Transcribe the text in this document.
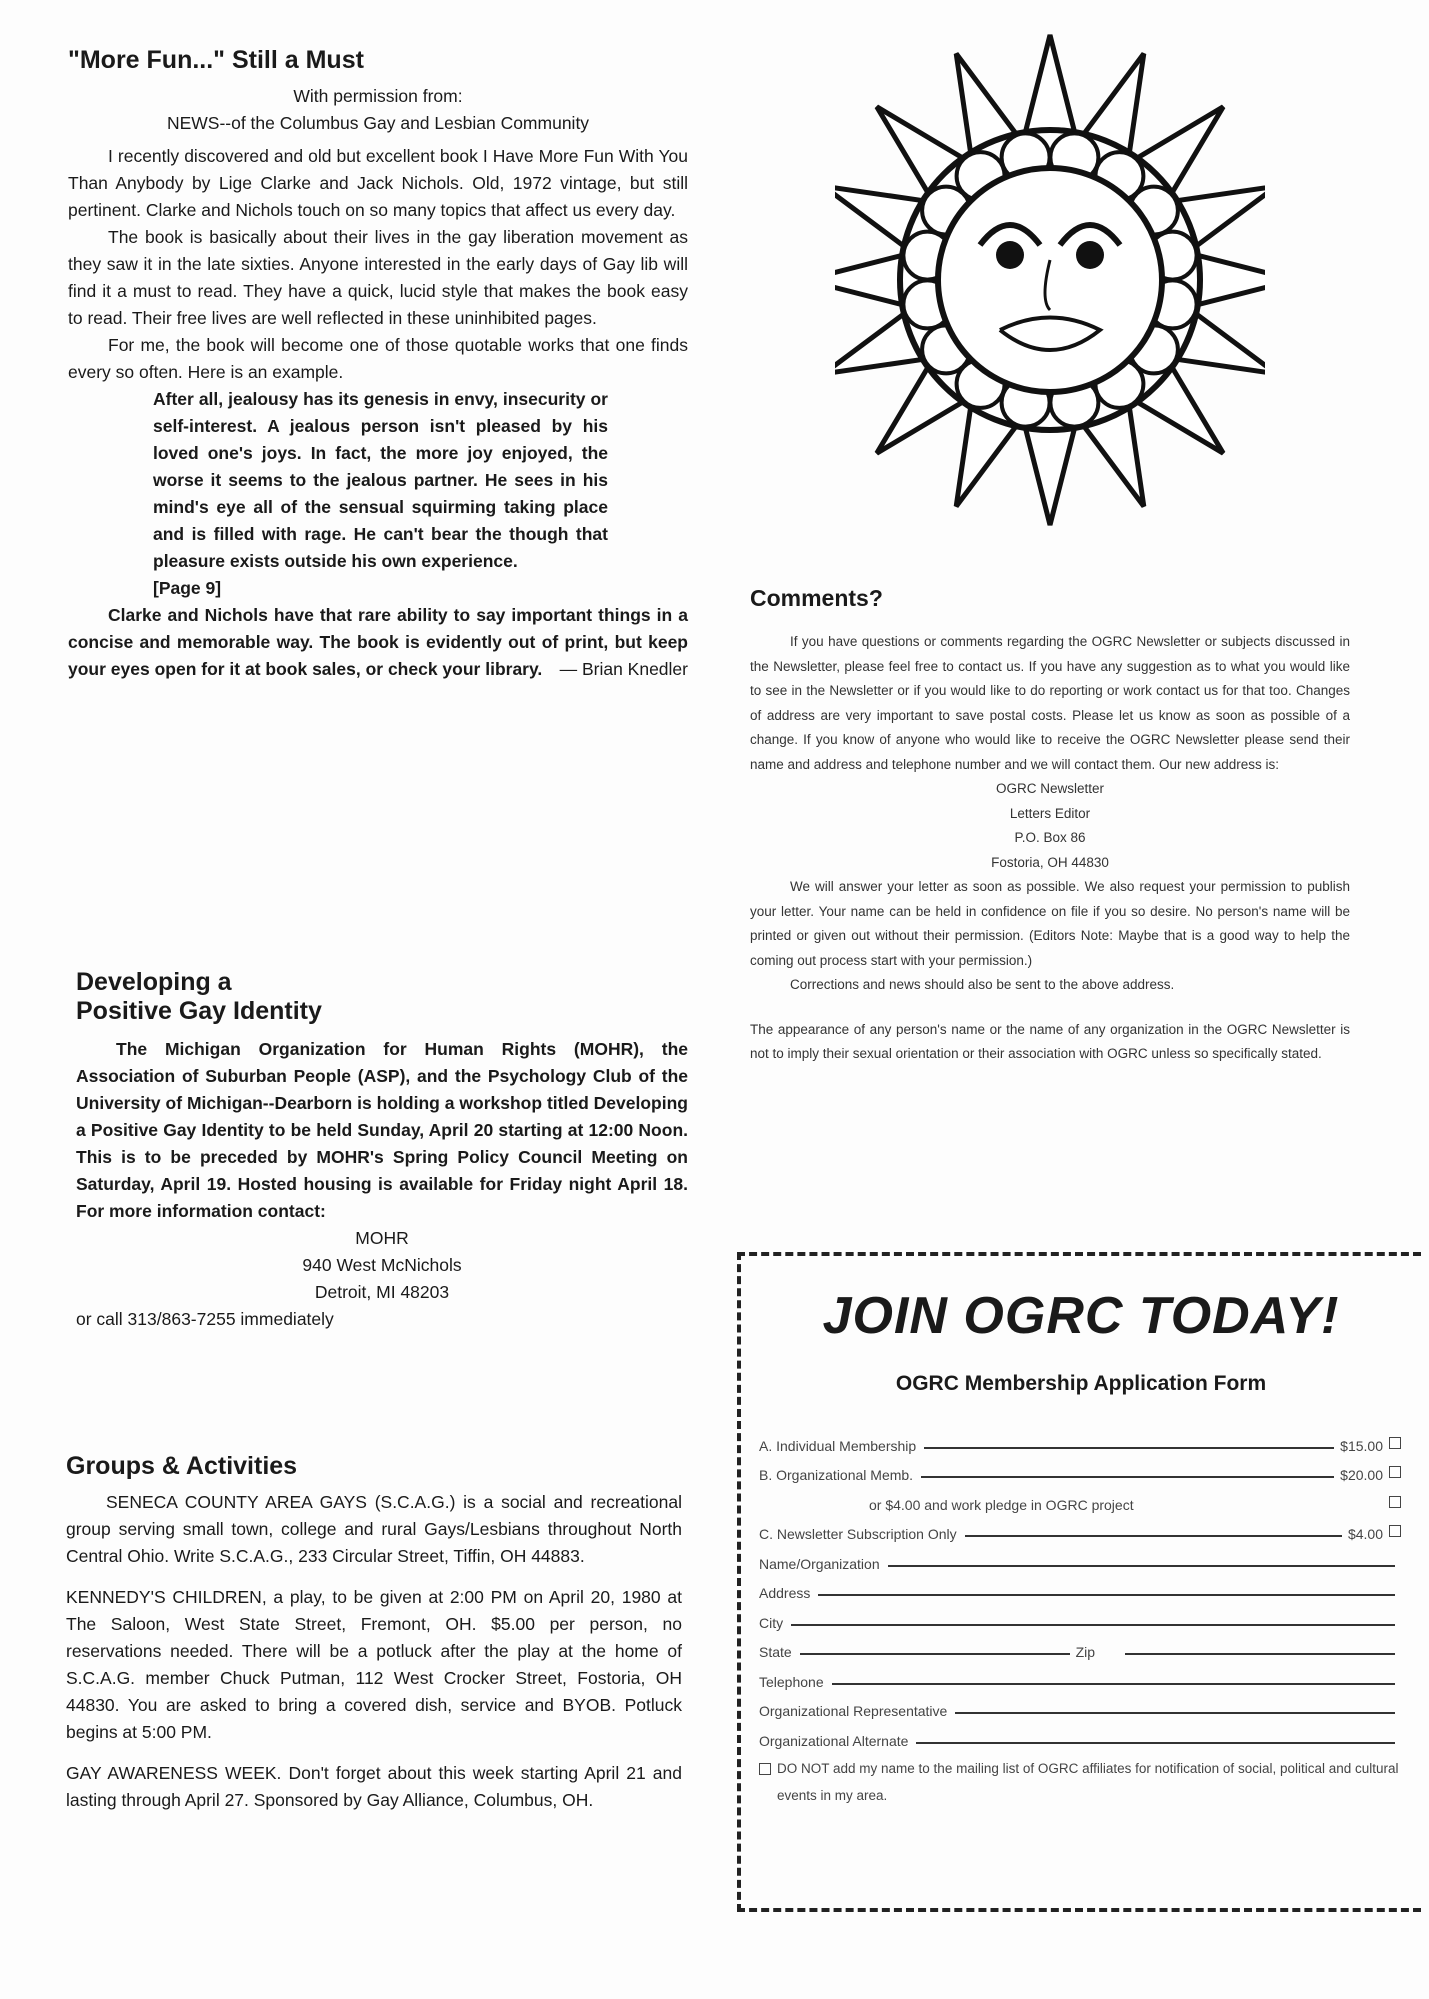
"More Fun..." Still a Must

With permission from:

NEWS--of the Columbus Gay and Lesbian Community

I recently discovered and old but excellent book I Have More Fun With You Than Anybody by Lige Clarke and Jack Nichols. Old, 1972 vintage, but still pertinent. Clarke and Nichols touch on so many topics that affect us every day.

The book is basically about their lives in the gay liberation movement as they saw it in the late sixties. Anyone interested in the early days of Gay lib will find it a must to read. They have a quick, lucid style that makes the book easy to read. Their free lives are well reflected in these uninhibited pages.

For me, the book will become one of those quotable works that one finds every so often. Here is an example.

After all, jealousy has its genesis in envy, insecurity or self-interest. A jealous person isn't pleased by his loved one's joys. In fact, the more joy enjoyed, the worse it seems to the jealous partner. He sees in his mind's eye all of the sensual squirming taking place and is filled with rage. He can't bear the though that pleasure exists outside his own experience.

[Page 9]

Clarke and Nichols have that rare ability to say important things in a concise and memorable way. The book is evidently out of print, but keep your eyes open for it at book sales, or check your library. — Brian Knedler

Developing a
Positive Gay Identity

The Michigan Organization for Human Rights (MOHR), the Association of Suburban People (ASP), and the Psychology Club of the University of Michigan--Dearborn is holding a workshop titled Developing a Positive Gay Identity to be held Sunday, April 20 starting at 12:00 Noon. This is to be preceded by MOHR's Spring Policy Council Meeting on Saturday, April 19. Hosted housing is available for Friday night April 18. For more information contact:

MOHR

940 West McNichols

Detroit, MI 48203

or call 313/863-7255 immediately

Groups & Activities

SENECA COUNTY AREA GAYS (S.C.A.G.) is a social and recreational group serving small town, college and rural Gays/Lesbians throughout North Central Ohio. Write S.C.A.G., 233 Circular Street, Tiffin, OH 44883.

KENNEDY'S CHILDREN, a play, to be given at 2:00 PM on April 20, 1980 at The Saloon, West State Street, Fremont, OH. $5.00 per person, no reservations needed. There will be a potluck after the play at the home of S.C.A.G. member Chuck Putman, 112 West Crocker Street, Fostoria, OH 44830. You are asked to bring a covered dish, service and BYOB. Potluck begins at 5:00 PM.

GAY AWARENESS WEEK. Don't forget about this week starting April 21 and lasting through April 27. Sponsored by Gay Alliance, Columbus, OH.

Comments?

If you have questions or comments regarding the OGRC Newsletter or subjects discussed in the Newsletter, please feel free to contact us. If you have any suggestion as to what you would like to see in the Newsletter or if you would like to do reporting or work contact us for that too. Changes of address are very important to save postal costs. Please let us know as soon as possible of a change. If you know of anyone who would like to receive the OGRC Newsletter please send their name and address and telephone number and we will contact them. Our new address is:

OGRC Newsletter

Letters Editor

P.O. Box 86

Fostoria, OH 44830

We will answer your letter as soon as possible. We also request your permission to publish your letter. Your name can be held in confidence on file if you so desire. No person's name will be printed or given out without their permission. (Editors Note: Maybe that is a good way to help the coming out process start with your permission.)

Corrections and news should also be sent to the above address.

The appearance of any person's name or the name of any organization in the OGRC Newsletter is not to imply their sexual orientation or their association with OGRC unless so specifically stated.

JOIN OGRC TODAY!
OGRC Membership Application Form
A. Individual Membership	$15.00
B. Organizational Memb.	$20.00
or $4.00 and work pledge in OGRC project
C. Newsletter Subscription Only	$4.00
Name/Organization
Address
City
State	Zip
Telephone
Organizational Representative
Organizational Alternate
DO NOT add my name to the mailing list of OGRC affiliates for notification of social, political and cultural events in my area.
